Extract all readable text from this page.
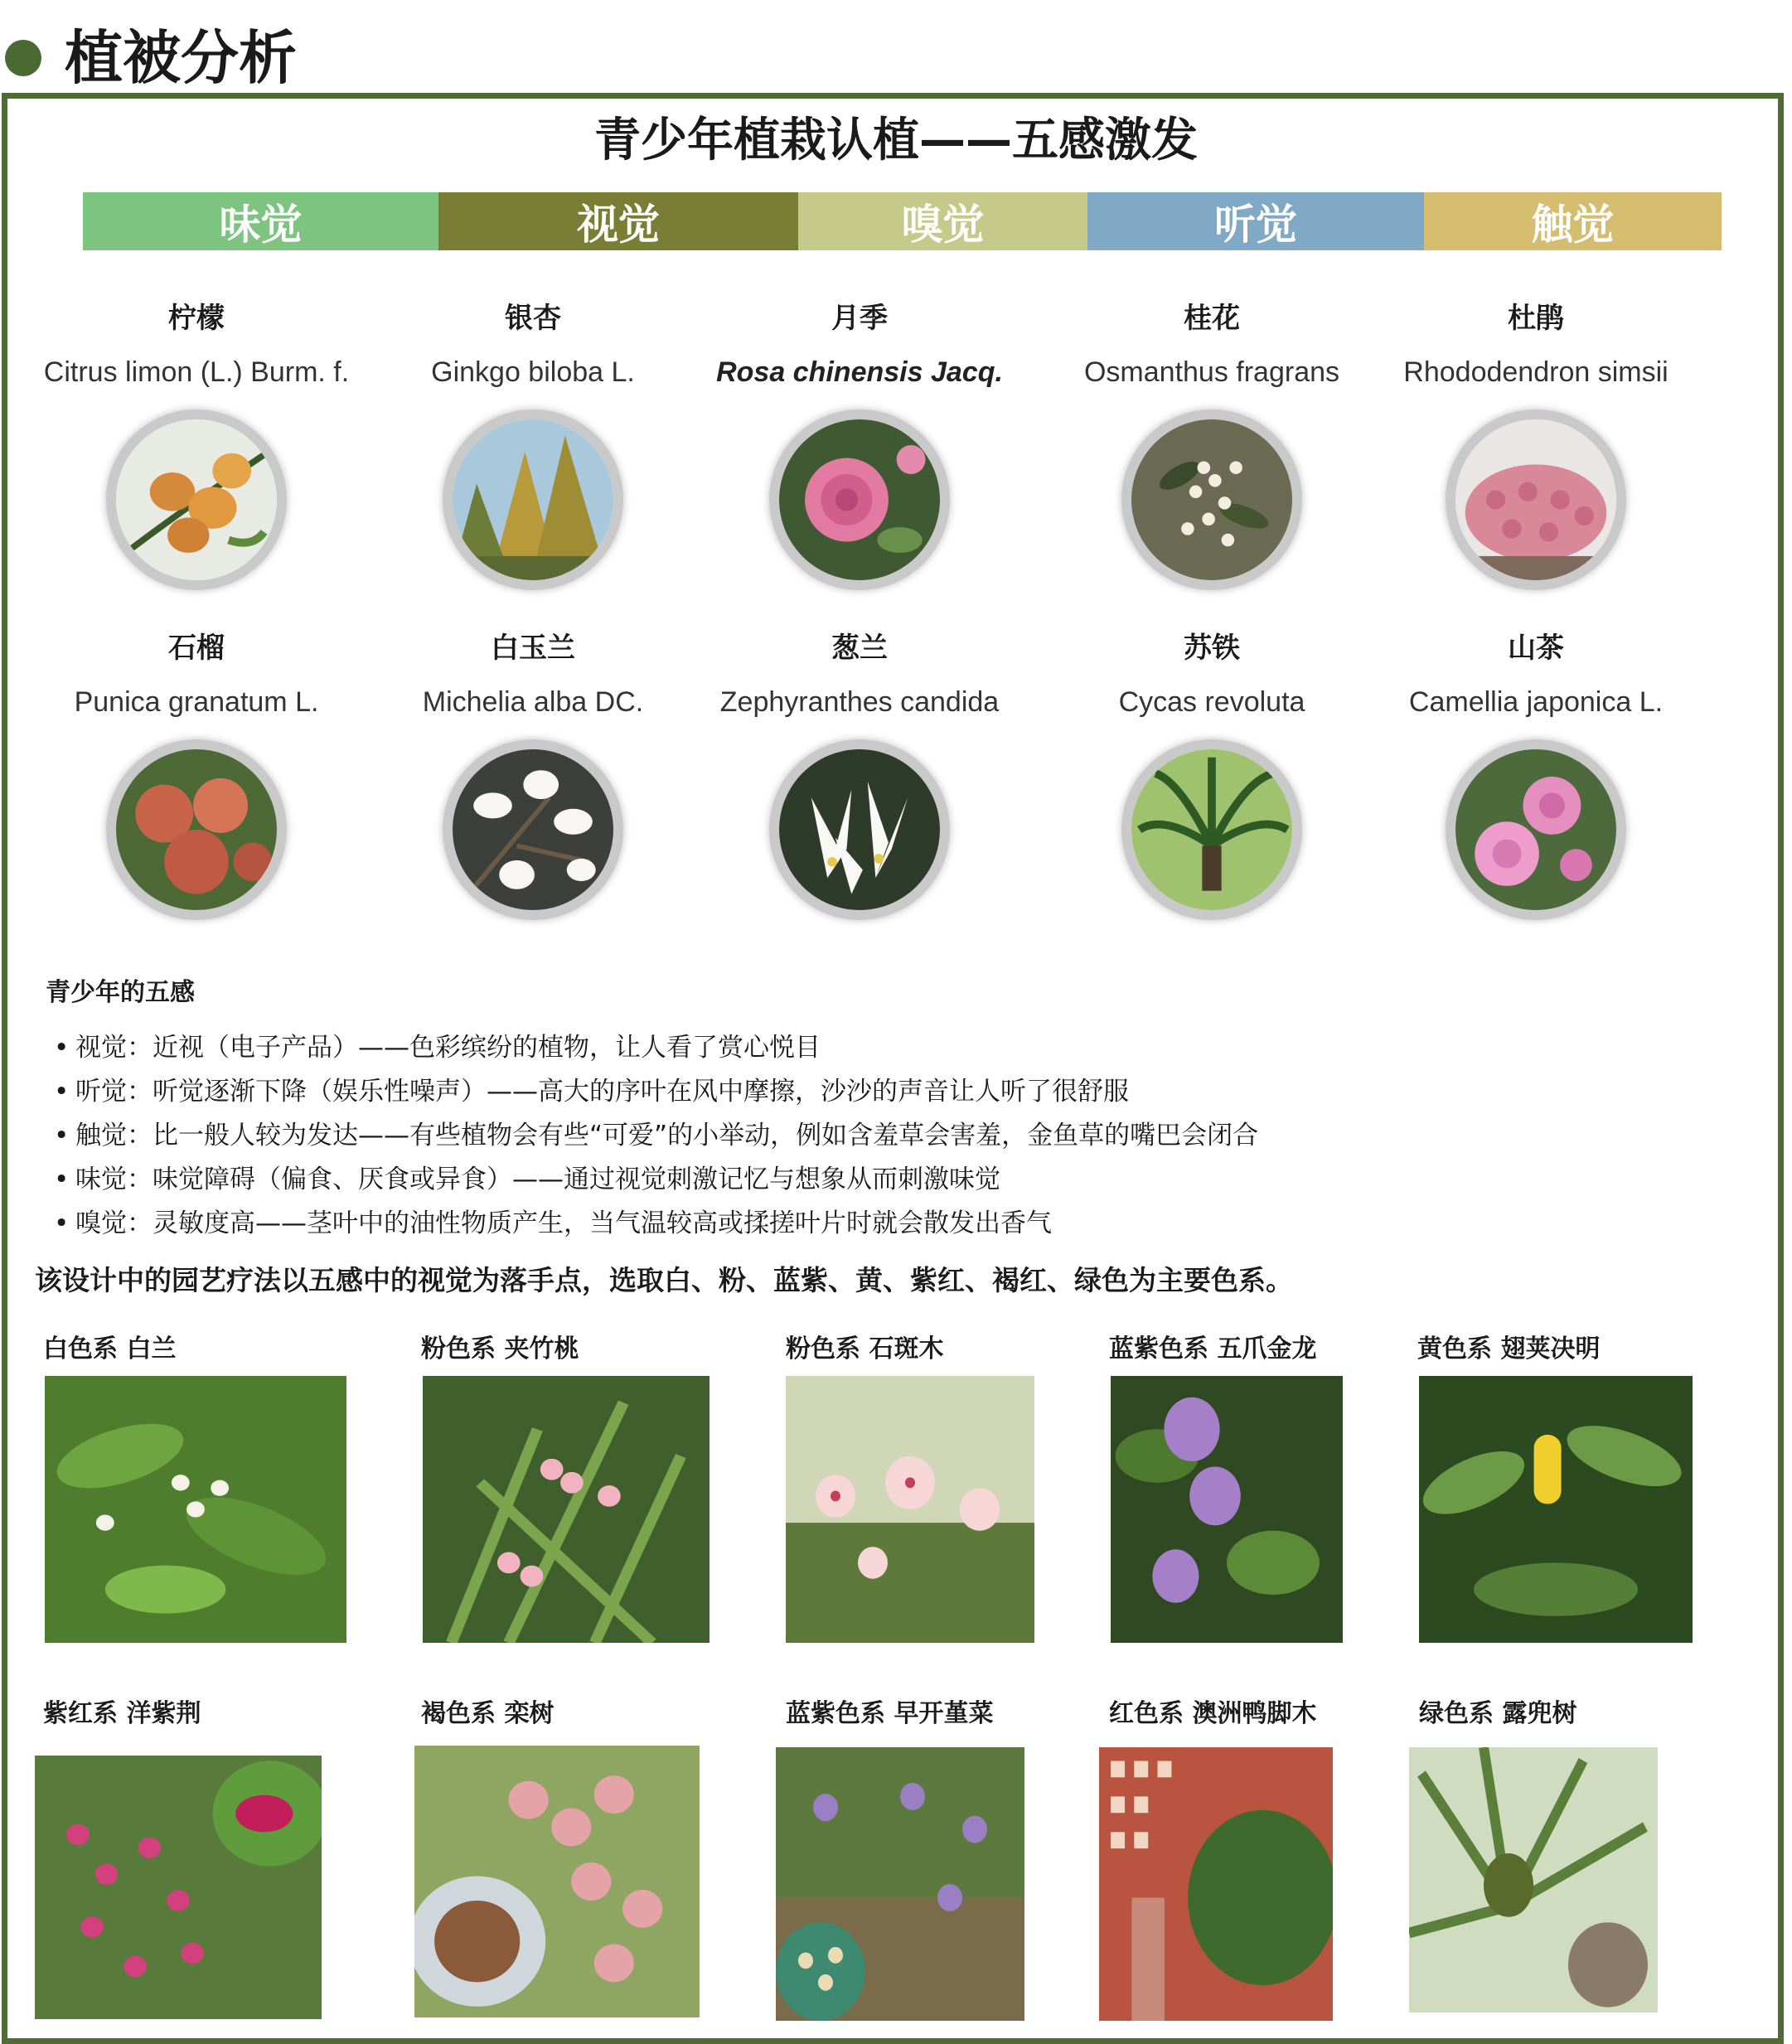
植被分析
青少年植栽认植——五感激发
味觉	视觉	嗅觉	听觉	触觉
柠檬
Citrus limon (L.) Burm. f.
银杏
Ginkgo biloba L.
月季
Rosa chinensis Jacq.
桂花
Osmanthus fragrans
杜鹃
Rhododendron simsii
石榴
Punica granatum L.
白玉兰
Michelia alba DC.
葱兰
Zephyranthes candida
苏铁
Cycas revoluta
山茶
Camellia japonica L.
青少年的五感
• 视觉：近视（电子产品）——色彩缤纷的植物，让人看了赏心悦目
• 听觉：听觉逐渐下降（娱乐性噪声）——高大的序叶在风中摩擦，沙沙的声音让人听了很舒服
• 触觉：比一般人较为发达——有些植物会有些“可爱”的小举动，例如含羞草会害羞，金鱼草的嘴巴会闭合
• 味觉：味觉障碍（偏食、厌食或异食）——通过视觉刺激记忆与想象从而刺激味觉
• 嗅觉：灵敏度高——茎叶中的油性物质产生，当气温较高或揉搓叶片时就会散发出香气
该设计中的园艺疗法以五感中的视觉为落手点，选取白、粉、蓝紫、黄、紫红、褐红、绿色为主要色系。
白色系 白兰	粉色系 夹竹桃	粉色系 石斑木	蓝紫色系 五爪金龙	黄色系 翅荚决明
紫红系 洋紫荆	褐色系 栾树	蓝紫色系 早开堇菜	红色系 澳洲鸭脚木	绿色系 露兜树
